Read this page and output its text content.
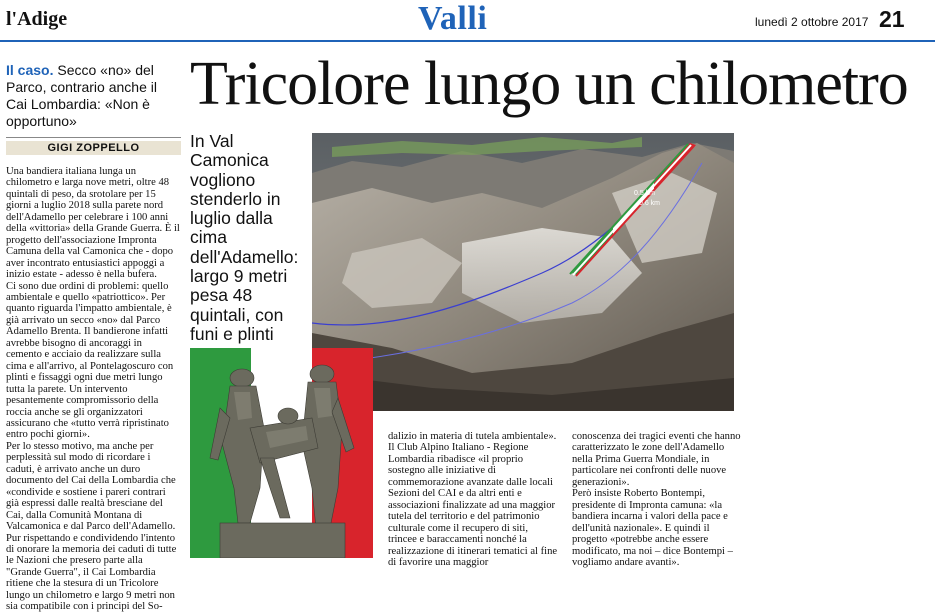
l'Adige	Valli	lunedì 2 ottobre 2017 21
Il caso. Secco «no» del Parco, contrario anche il Cai Lombardia: «Non è opportuno»
Tricolore lungo un chilometro
GIGI ZOPPELLO

Una bandiera italiana lunga un chilometro e larga nove metri, oltre 48 quintali di peso, da srotolare per 15 giorni a luglio 2018 sulla parete nord dell'Adamello per celebrare i 100 anni della «vittoria» della Grande Guerra. È il progetto dell'associazione Impronta Camuna della val Camonica che - dopo aver incontrato entusiastici appoggi a inizio estate - adesso è nella bufera.

Ci sono due ordini di problemi: quello ambientale e quello «patriottico». Per quanto riguarda l'impatto ambientale, è già arrivato un secco «no» dal Parco Adamello Brenta. Il bandierone infatti avrebbe bisogno di ancoraggi in cemento e acciaio da realizzare sulla cima e all'arrivo, al Pontelagoscuro con plinti e fissaggi ogni due metri lungo tutta la parete. Un intervento pesantemente compromissorio della roccia anche se gli organizzatori assicurano che «tutto verrà ripristinato entro pochi giorni».

Per lo stesso motivo, ma anche per perplessità sul modo di ricordare i caduti, è arrivato anche un duro documento del Cai della Lombardia che «condivide e sostiene i pareri contrari già espressi dalle realtà bresciane del Cai, dalla Comunità Montana di Valcamonica e dal Parco dell'Adamello. Pur rispettando e condividendo l'intento di onorare la memoria dei caduti di tutte le Nazioni che presero parte alla "Grande Guerra", il Cai Lombardia ritiene che la stesura di un Tricolore lungo un chilometro e largo 9 metri non sia compatibile con i principi del So-

In Val Camonica vogliono stenderlo in luglio dalla cima dell'Adamello: largo 9 metri pesa 48 quintali, con funi e plinti
0.5 km
0.6 km

dalizio in materia di tutela ambientale».

Il Club Alpino Italiano - Regione Lombardia ribadisce «il proprio sostegno alle iniziative di commemorazione avanzate dalle locali Sezioni del CAI e da altri enti e associazioni finalizzate ad una maggior tutela del territorio e del patrimonio culturale come il recupero di siti, trincee e baraccamenti nonché la realizzazione di itinerari tematici al fine di favorire una maggior

conoscenza dei tragici eventi che hanno caratterizzato le zone dell'Adamello nella Prima Guerra Mondiale, in particolare nei confronti delle nuove generazioni».

Però insiste Roberto Bontempi, presidente di Impronta camuna: «la bandiera incarna i valori della pace e dell'unità nazionale». E quindi il progetto «potrebbe anche essere modificato, ma noi – dice Bontempi – vogliamo andare avanti».
